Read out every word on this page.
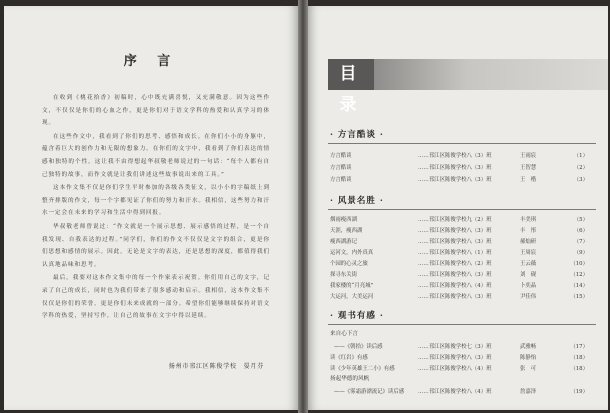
序 言

在收到《桃花拾香》初稿时，心中既充满喜悦，又充满敬意。因为这些作文，不仅仅是你们的心血之作，更是你们对于语文学科的热爱和认真学习的体现。

在这些作文中，我看到了你们的思考、感悟和成长。在你们小小的身躯中，蕴含着巨大的创作力和无限的想象力。在你们的文字中，我看到了你们表达的情感和独特的个性，这让我不由得想起华叔敬老师说过的一句话：“每个人都有自己独特的故事，而作文就是让我们讲述这些故事说出来的工具。”

这本作文集不仅是你们学生平时参加的各级各类征文，以小小的字稿纸上到整齐排版的作文，每一个字都见证了你们的努力和汗水。我相信，这些努力和汗水一定会在未来的学习和生活中得到回报。

华叔敬老师曾说过：“作文就是一个展示思想、展示感悟的过程，是一个自我发现、自我表达的过程。”同学们，你们的作文不仅仅是文字的组合，更是你们思想和感情的展示。因此，无论是文字的表达，还是思想的深度，都值得我们认真地品味和思考。

最后，我要对这本作文集中的每一个作家表示祝贺。你们用自己的文字，记录了自己的成长，同时也为我们带来了很多感动和启示。我相信，这本作文集不仅仅是你们的荣誉，更是你们未来成就的一部分。希望你们能够继续保持对语文学科的热爱，坚持写作，让自己的故事在文字中得以延续。

扬州市邗江区陈俊学校　晏月芬
目 录
· 方言酷谈 ·
方言酷谈	……邗江区陈俊学校八（3）班	王雨宸	（1）
方言酷谈	……邗江区陈俊学校八（3）班	王智慧	（2）
方言酷谈	……邗江区陈俊学校八（3）班	王　楷	（3）
· 风景名胜 ·
烟雨瘦西湖	……邗江区陈俊学校九（2）班	丰美琪	（5）
天涯，瘦西湖	……邗江区陈俊学校八（3）班	丰　彤	（6）
瘦西湖游记	……邗江区陈俊学校八（3）班	郝灿研	（7）
运河文，内外真真	……邗江区陈俊学校八（1）班	王周宸	（9）
个园的心灵之旅	……邗江区陈俊学校八（2）班	王云薇	（10）
探寻东关街	……邗江区陈俊学校八（3）班	刘　砚	（12）
我家楼的“月亮城”	……邗江区陈俊学校八（4）班	卜奕晶	（14）
大运河，大美运河	……邗江区陈俊学校八（3）班	尹佳伟	（15）
· 观书有感 ·
来自心下言
——《朝拾》读后感	……邗江区陈俊学校七（3）班	武雅畅	（17）
读《红岩》有感	……邗江区陈俊学校八（3）班	陈静怡	（18）
读《少年英雄王二小》有感	……邗江区陈俊学校八（4）班	张　可	（18）
扬起华德的风帆
——《雾霜游漂流记》读后感	……邗江区陈俊学校八（4）班	詹嘉泽	（19）
